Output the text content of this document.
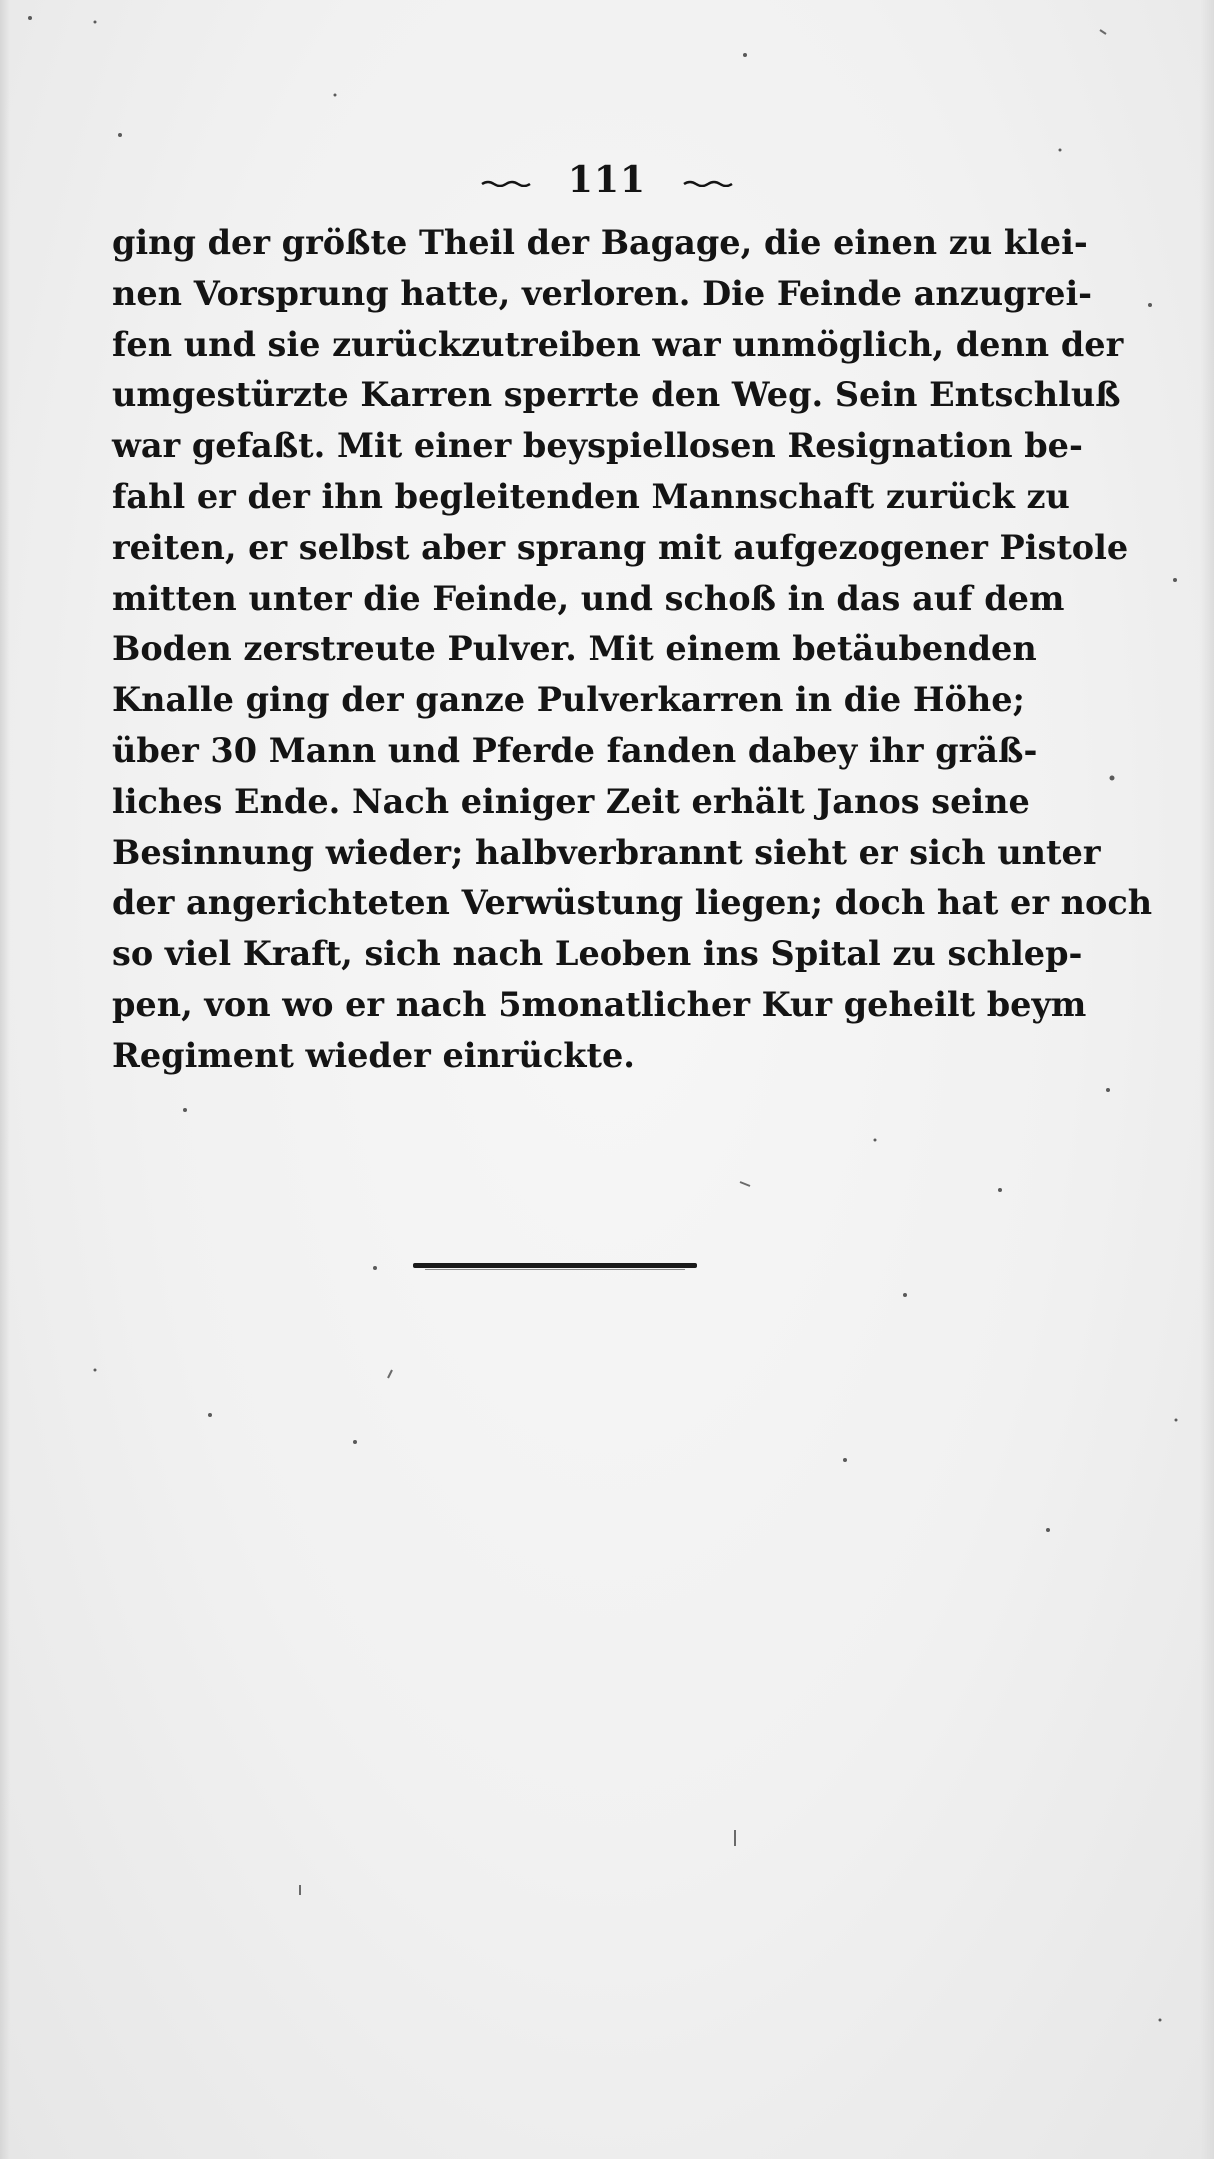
111
ging der größte Theil der Bagage, die einen zu klei-
nen Vorsprung hatte, verloren. Die Feinde anzugrei-
fen und sie zurückzutreiben war unmöglich, denn der
umgestürzte Karren sperrte den Weg. Sein Entschluß
war gefaßt. Mit einer beyspiellosen Resignation be-
fahl er der ihn begleitenden Mannschaft zurück zu
reiten, er selbst aber sprang mit aufgezogener Pistole
mitten unter die Feinde, und schoß in das auf dem
Boden zerstreute Pulver. Mit einem betäubenden
Knalle ging der ganze Pulverkarren in die Höhe;
über 30 Mann und Pferde fanden dabey ihr gräß-
liches Ende. Nach einiger Zeit erhält Janos seine
Besinnung wieder; halbverbrannt sieht er sich unter
der angerichteten Verwüstung liegen; doch hat er noch
so viel Kraft, sich nach Leoben ins Spital zu schlep-
pen, von wo er nach 5monatlicher Kur geheilt beym
Regiment wieder einrückte.
